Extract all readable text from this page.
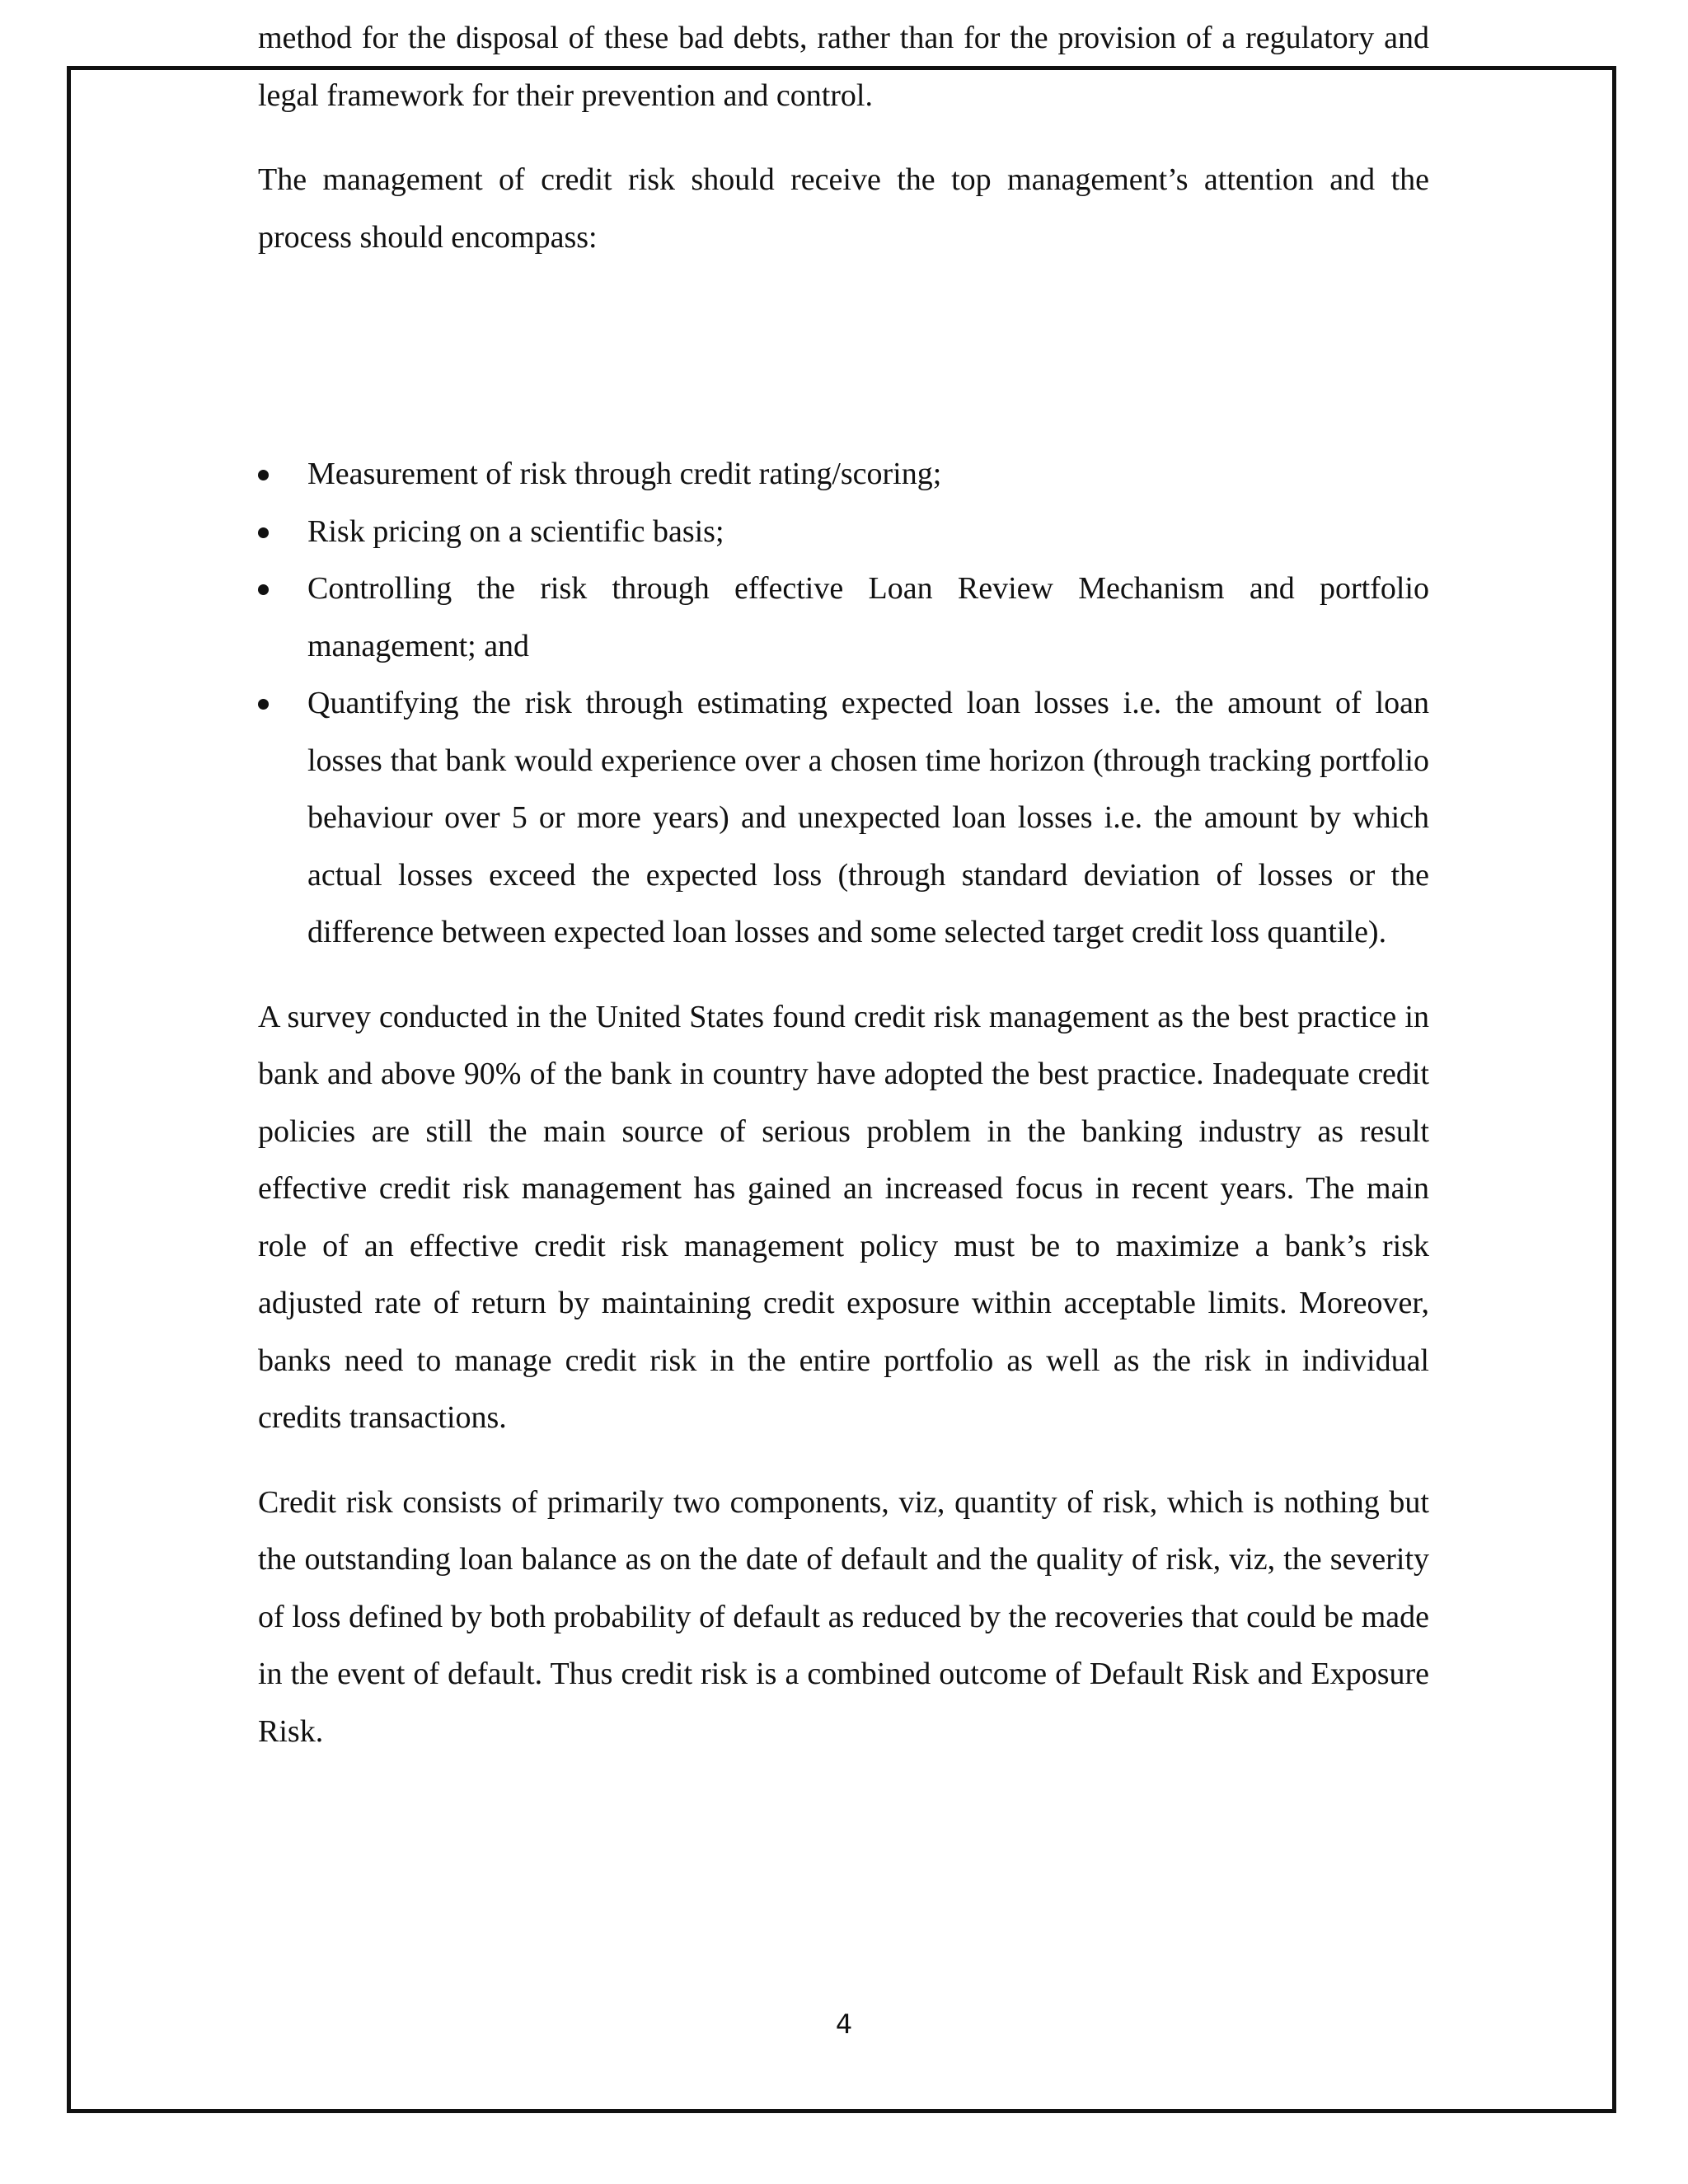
method for the disposal of these bad debts, rather than for the provision of a regulatory and legal framework for their prevention and control.

The management of credit risk should receive the top management’s attention and the process should encompass:

Measurement of risk through credit rating/scoring;
Risk pricing on a scientific basis;
Controlling the risk through effective Loan Review Mechanism and portfolio management; and
Quantifying the risk through estimating expected loan losses i.e. the amount of loan losses that bank would experience over a chosen time horizon (through tracking portfolio behaviour over 5 or more years) and unexpected loan losses i.e. the amount by which actual losses exceed the expected loss (through standard deviation of losses or the difference between expected loan losses and some selected target credit loss quantile).

A survey conducted in the United States found credit risk management as the best practice in bank and above 90% of the bank in country have adopted the best practice. Inadequate credit policies are still the main source of serious problem in the banking industry as result effective credit risk management has gained an increased focus in recent years. The main role of an effective credit risk management policy must be to maximize a bank’s risk adjusted rate of return by maintaining credit exposure within acceptable limits. Moreover, banks need to manage credit risk in the entire portfolio as well as the risk in individual credits transactions.

Credit risk consists of primarily two components, viz, quantity of risk, which is nothing but the outstanding loan balance as on the date of default and the quality of risk, viz, the severity of loss defined by both probability of default as reduced by the recoveries that could be made in the event of default. Thus credit risk is a combined outcome of Default Risk and Exposure Risk.

4
